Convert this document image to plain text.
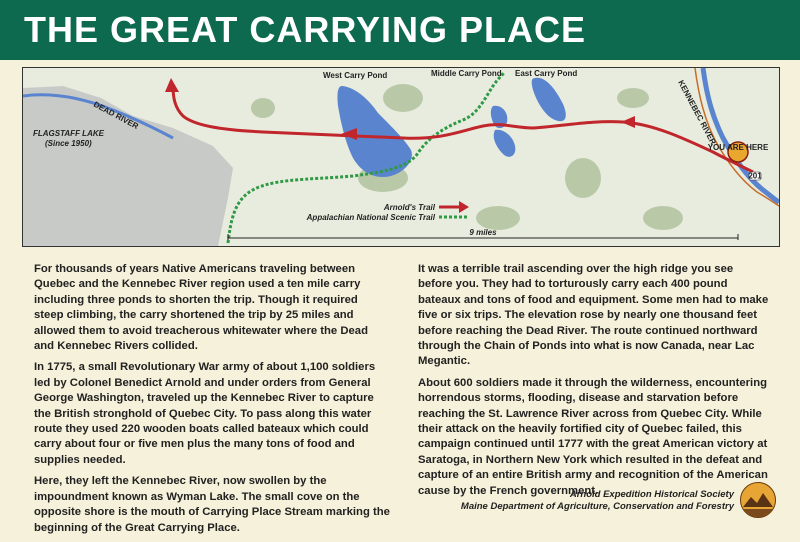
THE GREAT CARRYING PLACE
YOU ARE HERE
201
West Carry Pond	Middle Carry Pond East Carry Pond
DEAD RIVER	KENNEBEC RIVER
FLAGSTAFF LAKE
(Since 1950)
Arnold's Trail
Appalachian National Scenic Trail
9 miles

For thousands of years Native Americans traveling between Quebec and the Kennebec River region used a ten mile carry including three ponds to shorten the trip. Though it required steep climbing, the carry shortened the trip by 25 miles and allowed them to avoid treacherous whitewater where the Dead and Kennebec Rivers collided.

In 1775, a small Revolutionary War army of about 1,100 soldiers led by Colonel Benedict Arnold and under orders from General George Washington, traveled up the Kennebec River to capture the British stronghold of Quebec City. To pass along this water route they used 220 wooden boats called bateaux which could carry about four or five men plus the many tons of food and supplies needed.

Here, they left the Kennebec River, now swollen by the impoundment known as Wyman Lake. The small cove on the opposite shore is the mouth of Carrying Place Stream marking the beginning of the Great Carrying Place.

It was a terrible trail ascending over the high ridge you see before you. They had to torturously carry each 400 pound bateaux and tons of food and equipment. Some men had to make five or six trips. The elevation rose by nearly one thousand feet before reaching the Dead River. The route continued northward through the Chain of Ponds into what is now Canada, near Lac Megantic.

About 600 soldiers made it through the wilderness, encountering horrendous storms, flooding, disease and starvation before reaching the St. Lawrence River across from Quebec City. While their attack on the heavily fortified city of Quebec failed, this campaign continued until 1777 with the great American victory at Saratoga, in Northern New York which resulted in the defeat and capture of an entire British army and recognition of the American cause by the French government.

Arnold Expedition Historical Society
Maine Department of Agriculture, Conservation and Forestry
